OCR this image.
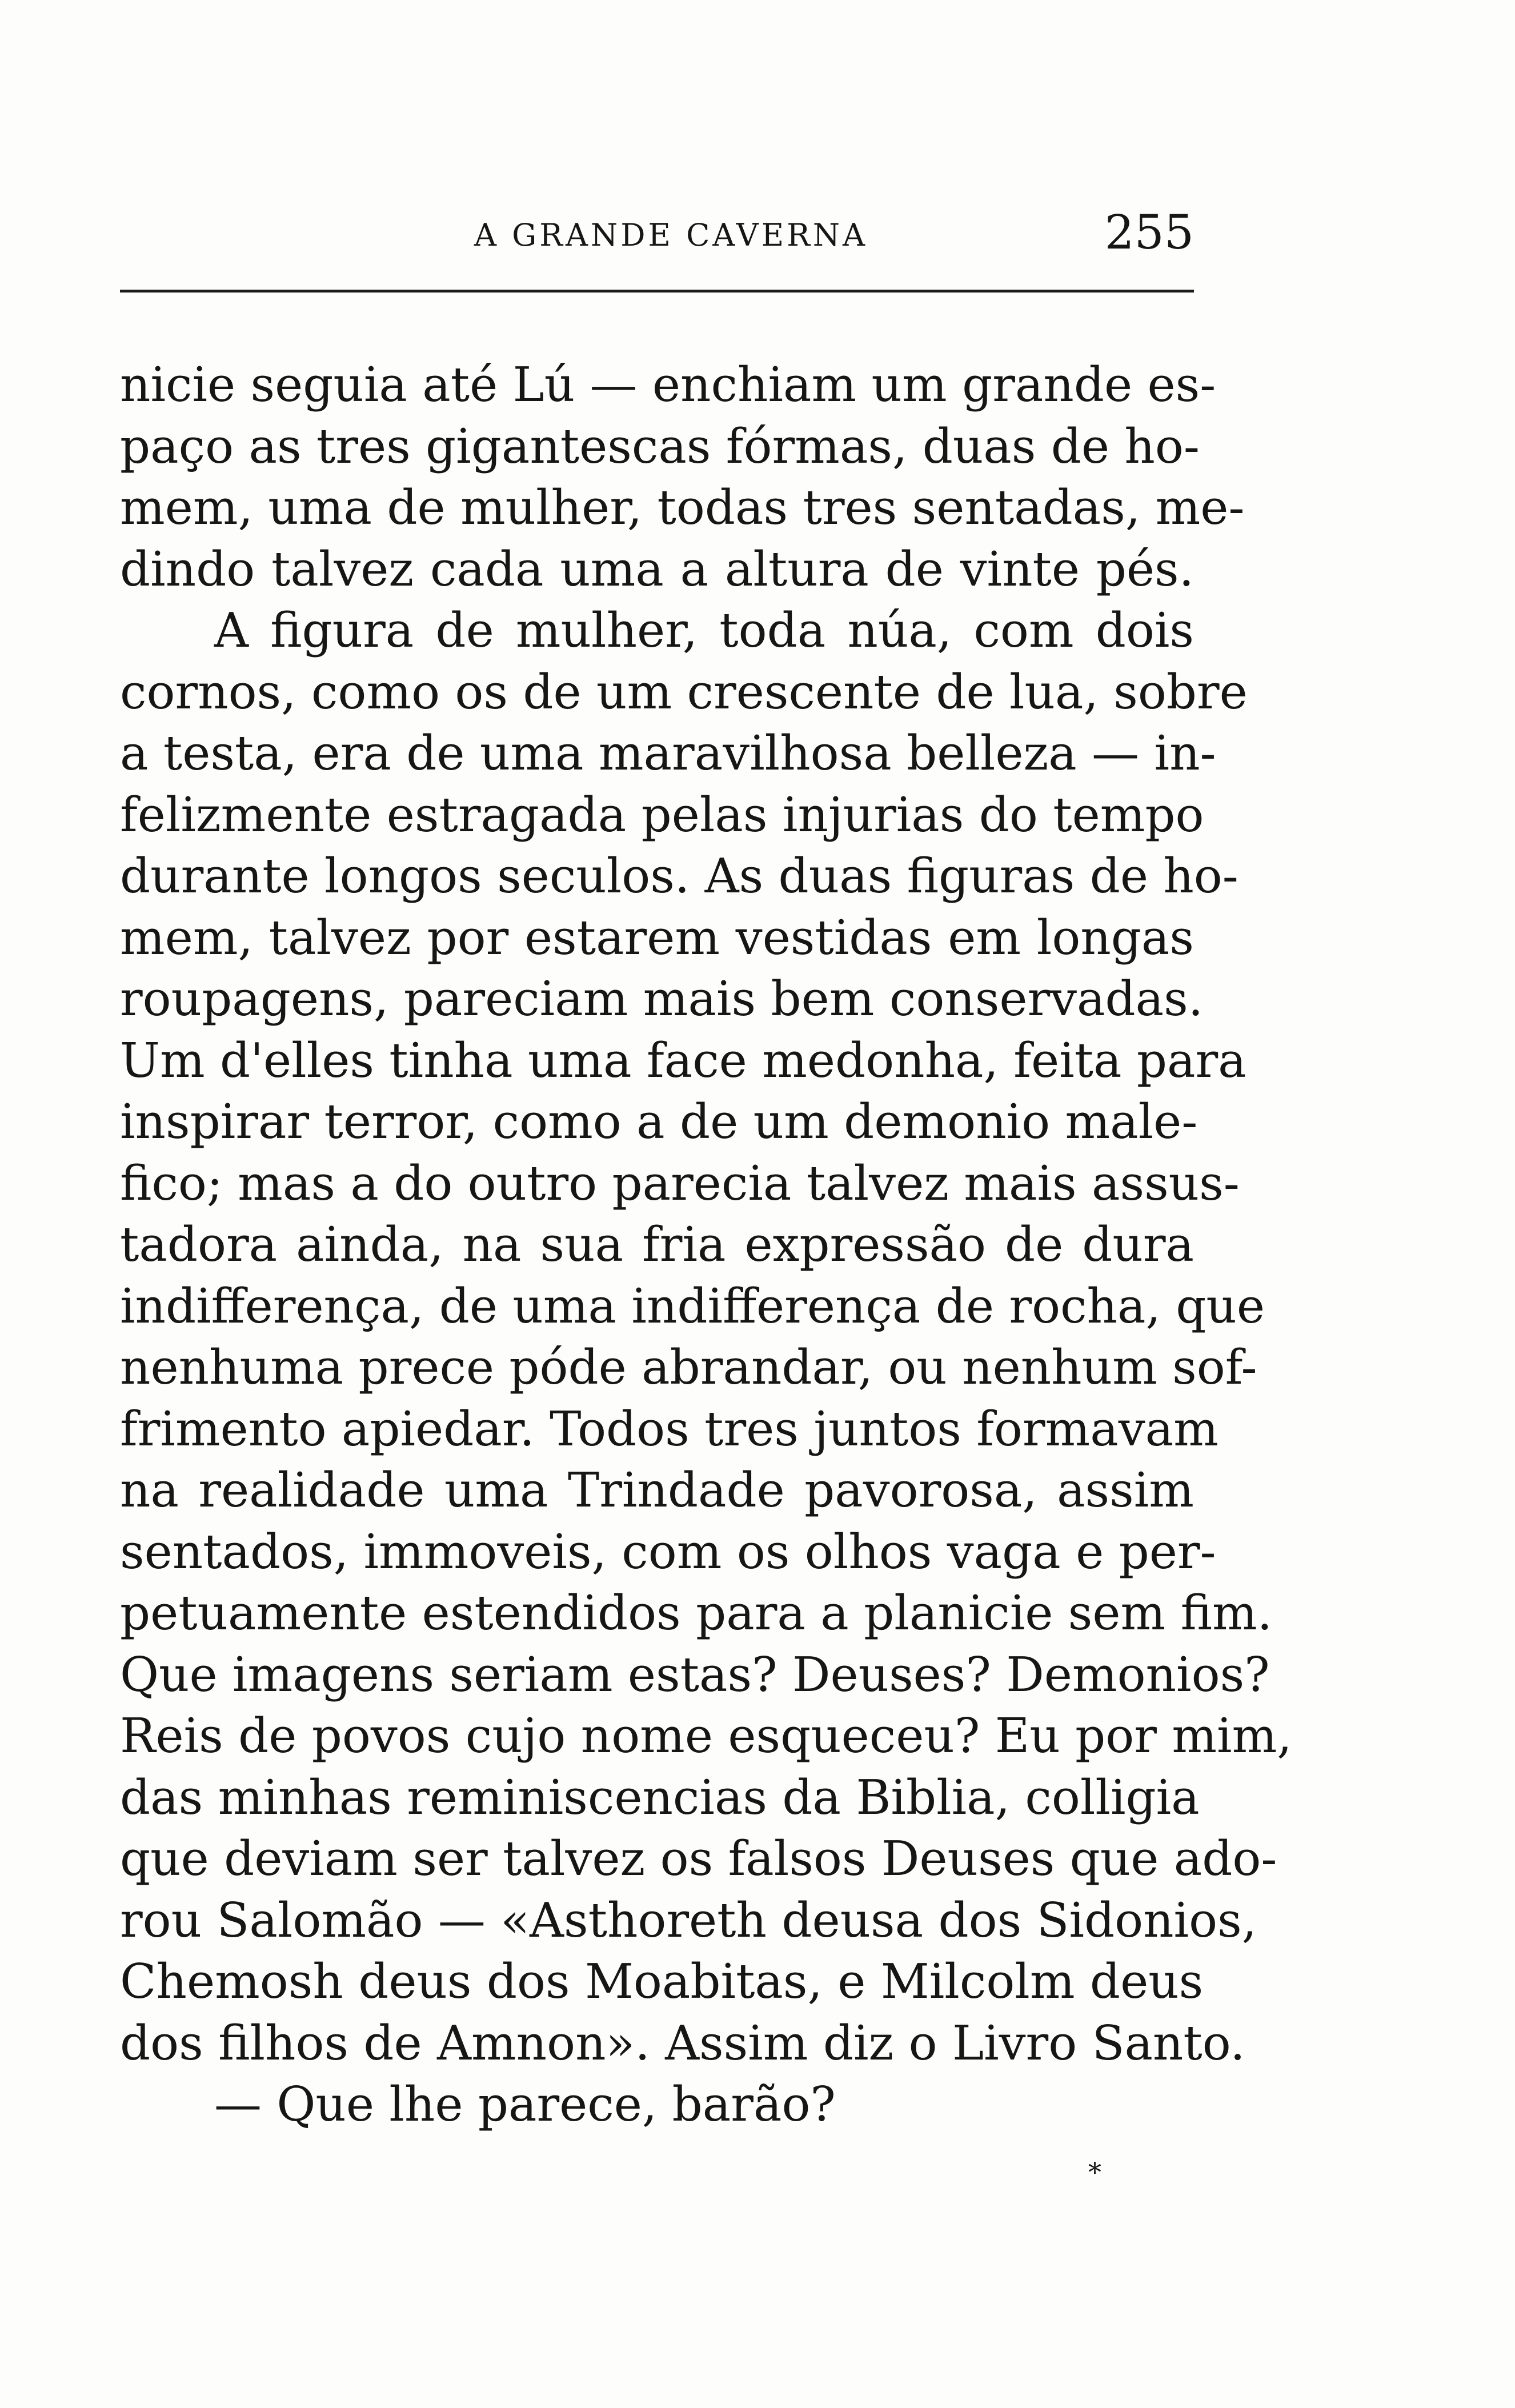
A GRANDE CAVERNA	255
nicie seguia até Lú — enchiam um grande es-
paço as tres gigantescas fórmas, duas de ho-
mem, uma de mulher, todas tres sentadas, me-
dindo talvez cada uma a altura de vinte pés.
A figura de mulher, toda núa, com dois
cornos, como os de um crescente de lua, sobre
a testa, era de uma maravilhosa belleza — in-
felizmente estragada pelas injurias do tempo
durante longos seculos. As duas figuras de ho-
mem, talvez por estarem vestidas em longas
roupagens, pareciam mais bem conservadas.
Um d'elles tinha uma face medonha, feita para
inspirar terror, como a de um demonio male-
fico; mas a do outro parecia talvez mais assus-
tadora ainda, na sua fria expressão de dura
indifferença, de uma indifferença de rocha, que
nenhuma prece póde abrandar, ou nenhum sof-
frimento apiedar. Todos tres juntos formavam
na realidade uma Trindade pavorosa, assim
sentados, immoveis, com os olhos vaga e per-
petuamente estendidos para a planicie sem fim.
Que imagens seriam estas? Deuses? Demonios?
Reis de povos cujo nome esqueceu? Eu por mim,
das minhas reminiscencias da Biblia, colligia
que deviam ser talvez os falsos Deuses que ado-
rou Salomão — «Asthoreth deusa dos Sidonios,
Chemosh deus dos Moabitas, e Milcolm deus
dos filhos de Amnon». Assim diz o Livro Santo.
— Que lhe parece, barão?
*
